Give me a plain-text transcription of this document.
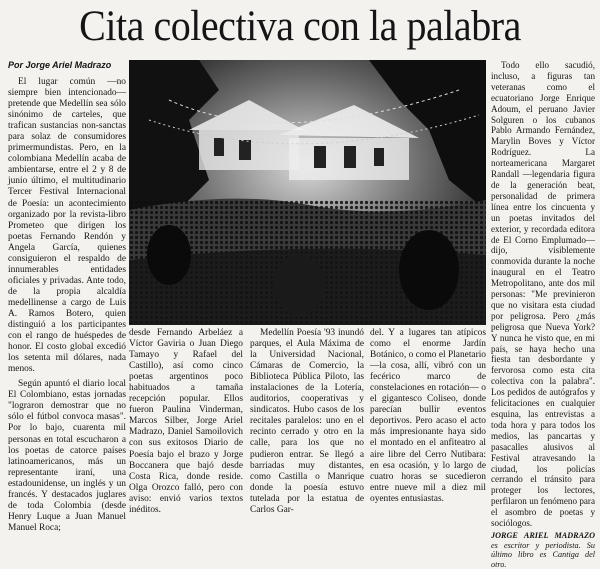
Cita colectiva con la palabra
Por Jorge Ariel Madrazo

El lugar común —no siempre bien intencionado— pretende que Medellín sea sólo sinónimo de carteles, que trafican sustancias non-sanctas para solaz de consumidores primermundistas. Pero, en la colombiana Medellín acaba de ambientarse, entre el 2 y 8 de junio último, el multitudinario Tercer Festival Internacional de Poesía: un acontecimiento organizado por la revista-libro Prometeo que dirigen los poetas Fernando Rendón y Angela García, quienes consiguieron el respaldo de innumerables entidades oficiales y privadas. Ante todo, de la propia alcaldía medellinense a cargo de Luis A. Ramos Botero, quien distinguió a los participantes con el rango de huéspedes de honor. El costo global excedió los setenta mil dólares, nada menos.

Según apuntó el diario local El Colombiano, estas jornadas "lograron demostrar que no sólo el fútbol convoca masas". Por lo bajo, cuarenta mil personas en total escucharon a los poetas de catorce países latinoamericanos, más un representante iraní, una estadounidense, un inglés y un francés. Y destacados juglares de toda Colombia (desde Henry Luque a Juan Manuel Manuel Roca;

desde Fernando Arbeláez a Víctor Gaviria o Juan Diego Tamayo y Rafael del Castillo), así como cinco poetas argentinos poco habituados a tamaña recepción popular. Ellos fueron Paulina Vinderman, Marcos Silber, Jorge Ariel Madrazo, Daniel Samoilovich con sus exitosos Diario de Poesía bajo el brazo y Jorge Boccanera que bajó desde Costa Rica, donde reside. Olga Orozco falló, pero con aviso: envió varios textos inéditos.

Medellín Poesía '93 inundó parques, el Aula Máxima de la Universidad Nacional, Cámaras de Comercio, la Biblioteca Pública Piloto, las instalaciones de la Lotería, auditorios, cooperativas y sindicatos. Hubo casos de los recitales paralelos: uno en el recinto cerrado y otro en la calle, para los que no pudieron entrar. Se llegó a barriadas muy distantes, como Castilla o Manrique donde la poesía estuvo tutelada por la estatua de Carlos Gar-

del. Y a lugares tan atípicos como el enorme Jardín Botánico, o como el Planetario —la cosa, allí, vibró con un fecérico marco de constelaciones en rotación— o el gigantesco Coliseo, donde parecían bullir eventos deportivos. Pero acaso el acto más impresionante haya sido el montado en el anfiteatro al aire libre del Cerro Nutibara: en esa ocasión, y lo largo de cuatro horas se sucedieron entre nueve mil a diez mil oyentes entusiastas.

Todo ello sacudió, incluso, a figuras tan veteranas como el ecuatoriano Jorge Enrique Adoum, el peruano Javier Solguren o los cubanos Pablo Armando Fernández, Marylin Boves y Víctor Rodríguez. La norteamericana Margaret Randall —legendaria figura de la generación beat, personalidad de primera línea entre los cincuenta y un poetas invitados del exterior, y recordada editora de El Corno Emplumado— dijo, visiblemente conmovida durante la noche inaugural en el Teatro Metropolitano, ante dos mil personas: "Me previnieron que no visitara esta ciudad por peligrosa. Pero ¿más peligrosa que Nueva York? Y nunca he visto que, en mi país, se haya hecho una fiesta tan desbordante y fervorosa como esta cita colectiva con la palabra". Los pedidos de autógrafos y felicitaciones en cualquier esquina, las entrevistas a toda hora y para todos los medios, las pancartas y pasacalles alusivos al Festival atravesando la ciudad, los policías cerrando el tránsito para proteger los lectores, perfilaron un fenómeno para el asombro de poetas y sociólogos.

JORGE ARIEL MADRAZO es escritor y periodista. Su último libro es Cantiga del otro.
